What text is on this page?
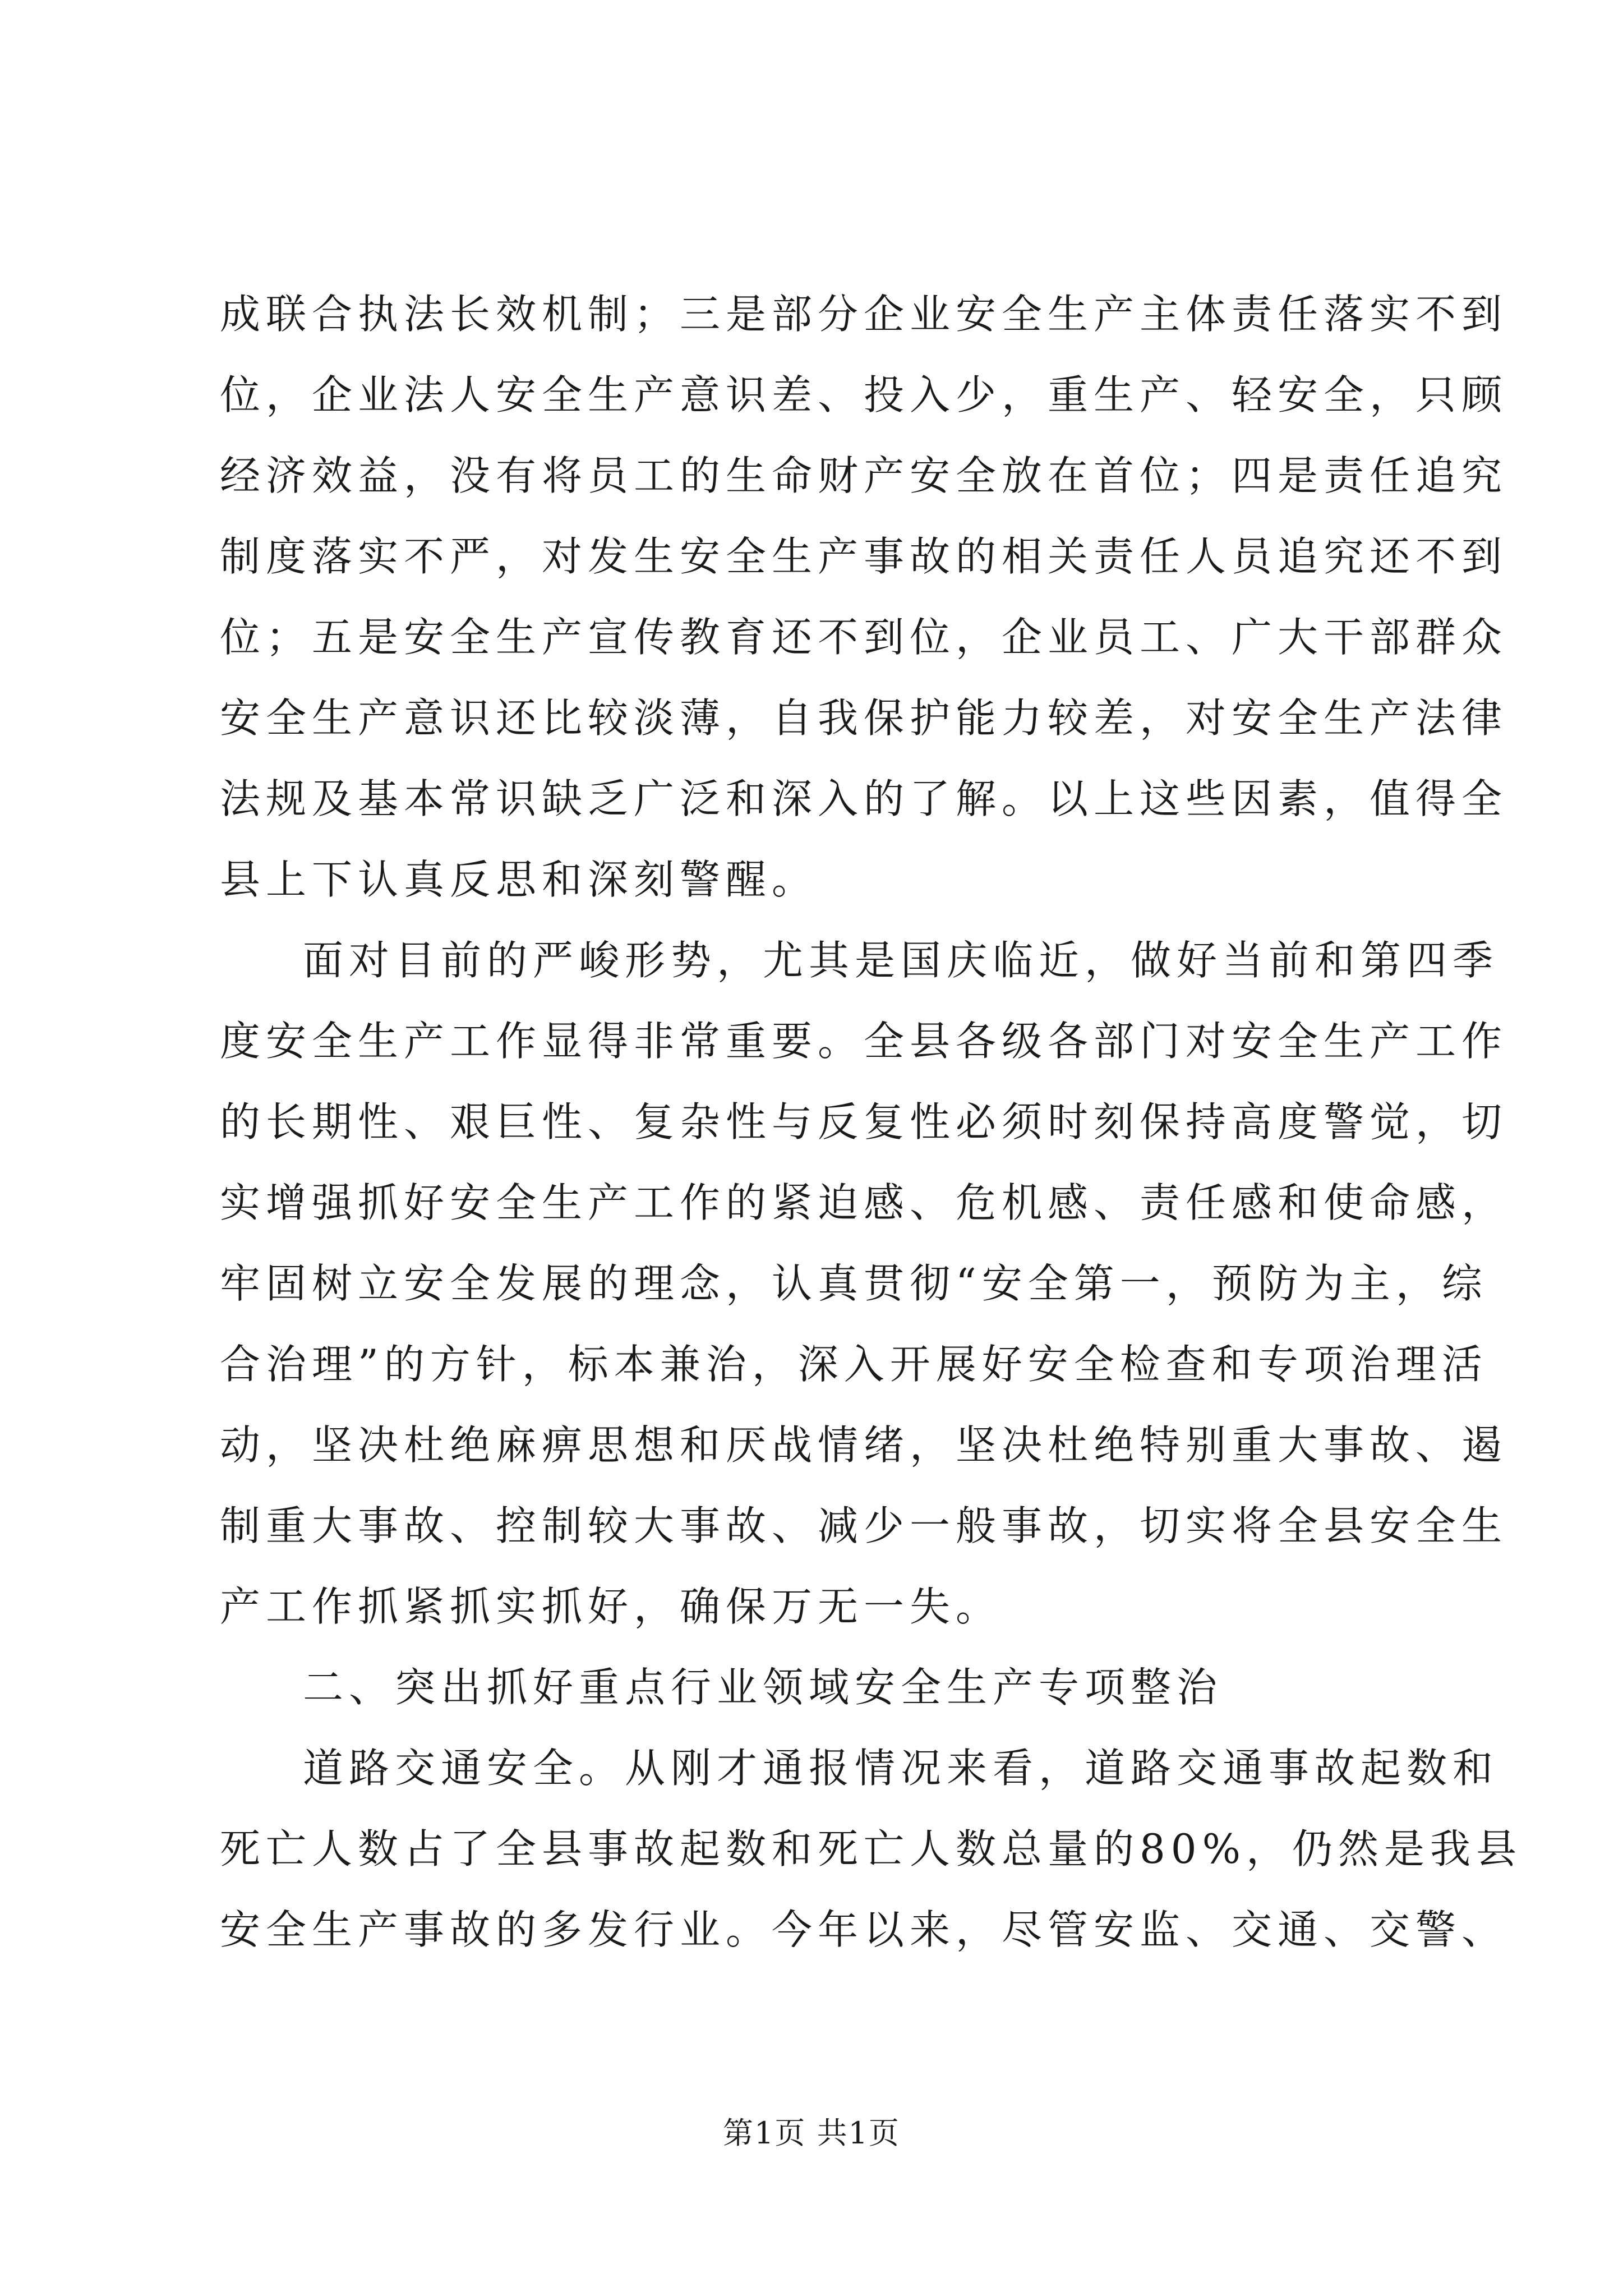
成联合执法长效机制；三是部分企业安全生产主体责任落实不到
位，企业法人安全生产意识差、投入少，重生产、轻安全，只顾
经济效益，没有将员工的生命财产安全放在首位；四是责任追究
制度落实不严，对发生安全生产事故的相关责任人员追究还不到
位；五是安全生产宣传教育还不到位，企业员工、广大干部群众
安全生产意识还比较淡薄，自我保护能力较差，对安全生产法律
法规及基本常识缺乏广泛和深入的了解。以上这些因素，值得全
县上下认真反思和深刻警醒。
面对目前的严峻形势，尤其是国庆临近，做好当前和第四季
度安全生产工作显得非常重要。全县各级各部门对安全生产工作
的长期性、艰巨性、复杂性与反复性必须时刻保持高度警觉，切
实增强抓好安全生产工作的紧迫感、危机感、责任感和使命感，
牢固树立安全发展的理念，认真贯彻“安全第一，预防为主，综
合治理”的方针，标本兼治，深入开展好安全检查和专项治理活
动，坚决杜绝麻痹思想和厌战情绪，坚决杜绝特别重大事故、遏
制重大事故、控制较大事故、减少一般事故，切实将全县安全生
产工作抓紧抓实抓好，确保万无一失。
二、突出抓好重点行业领域安全生产专项整治
道路交通安全。从刚才通报情况来看，道路交通事故起数和
死亡人数占了全县事故起数和死亡人数总量的80%，仍然是我县
安全生产事故的多发行业。今年以来，尽管安监、交通、交警、
第1页 共1页
